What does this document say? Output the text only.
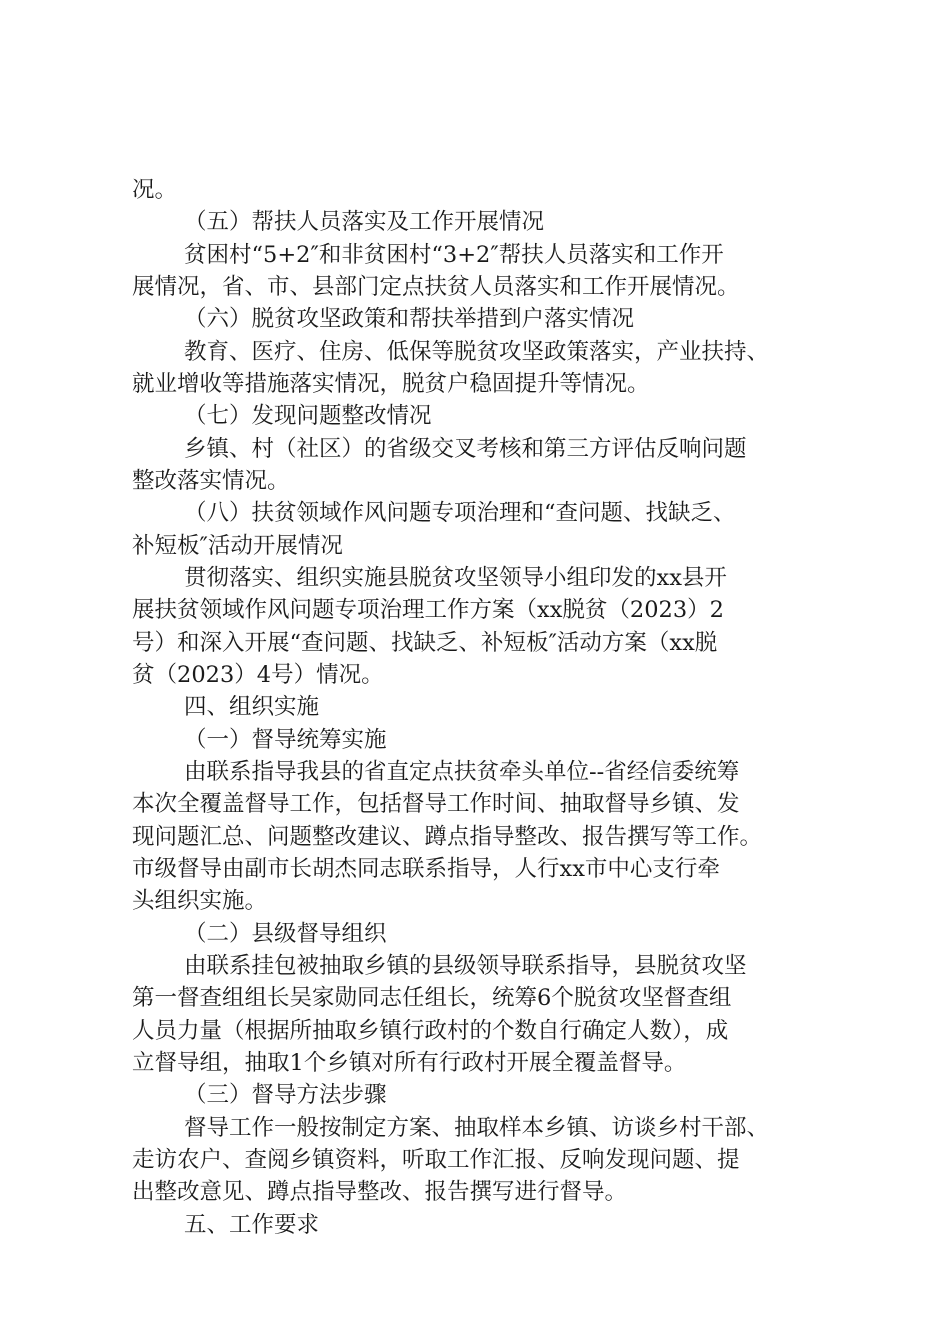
况。
（五）帮扶人员落实及工作开展情况
贫困村“5+2″和非贫困村“3+2″帮扶人员落实和工作开
展情况，省、市、县部门定点扶贫人员落实和工作开展情况。
（六）脱贫攻坚政策和帮扶举措到户落实情况
教育、医疗、住房、低保等脱贫攻坚政策落实，产业扶持、
就业增收等措施落实情况，脱贫户稳固提升等情况。
（七）发现问题整改情况
乡镇、村（社区）的省级交叉考核和第三方评估反响问题
整改落实情况。
（八）扶贫领域作风问题专项治理和“查问题、找缺乏、
补短板″活动开展情况
贯彻落实、组织实施县脱贫攻坚领导小组印发的xx县开
展扶贫领域作风问题专项治理工作方案（xx脱贫（2023）2
号）和深入开展“查问题、找缺乏、补短板″活动方案（xx脱
贫（2023）4号）情况。
四、组织实施
（一）督导统筹实施
由联系指导我县的省直定点扶贫牵头单位--省经信委统筹
本次全覆盖督导工作，包括督导工作时间、抽取督导乡镇、发
现问题汇总、问题整改建议、蹲点指导整改、报告撰写等工作。
市级督导由副市长胡杰同志联系指导，人行xx市中心支行牵
头组织实施。
（二）县级督导组织
由联系挂包被抽取乡镇的县级领导联系指导，县脱贫攻坚
第一督查组组长吴家勋同志任组长，统筹6个脱贫攻坚督查组
人员力量（根据所抽取乡镇行政村的个数自行确定人数），成
立督导组，抽取1个乡镇对所有行政村开展全覆盖督导。
（三）督导方法步骤
督导工作一般按制定方案、抽取样本乡镇、访谈乡村干部、
走访农户、查阅乡镇资料，听取工作汇报、反响发现问题、提
出整改意见、蹲点指导整改、报告撰写进行督导。
五、工作要求
